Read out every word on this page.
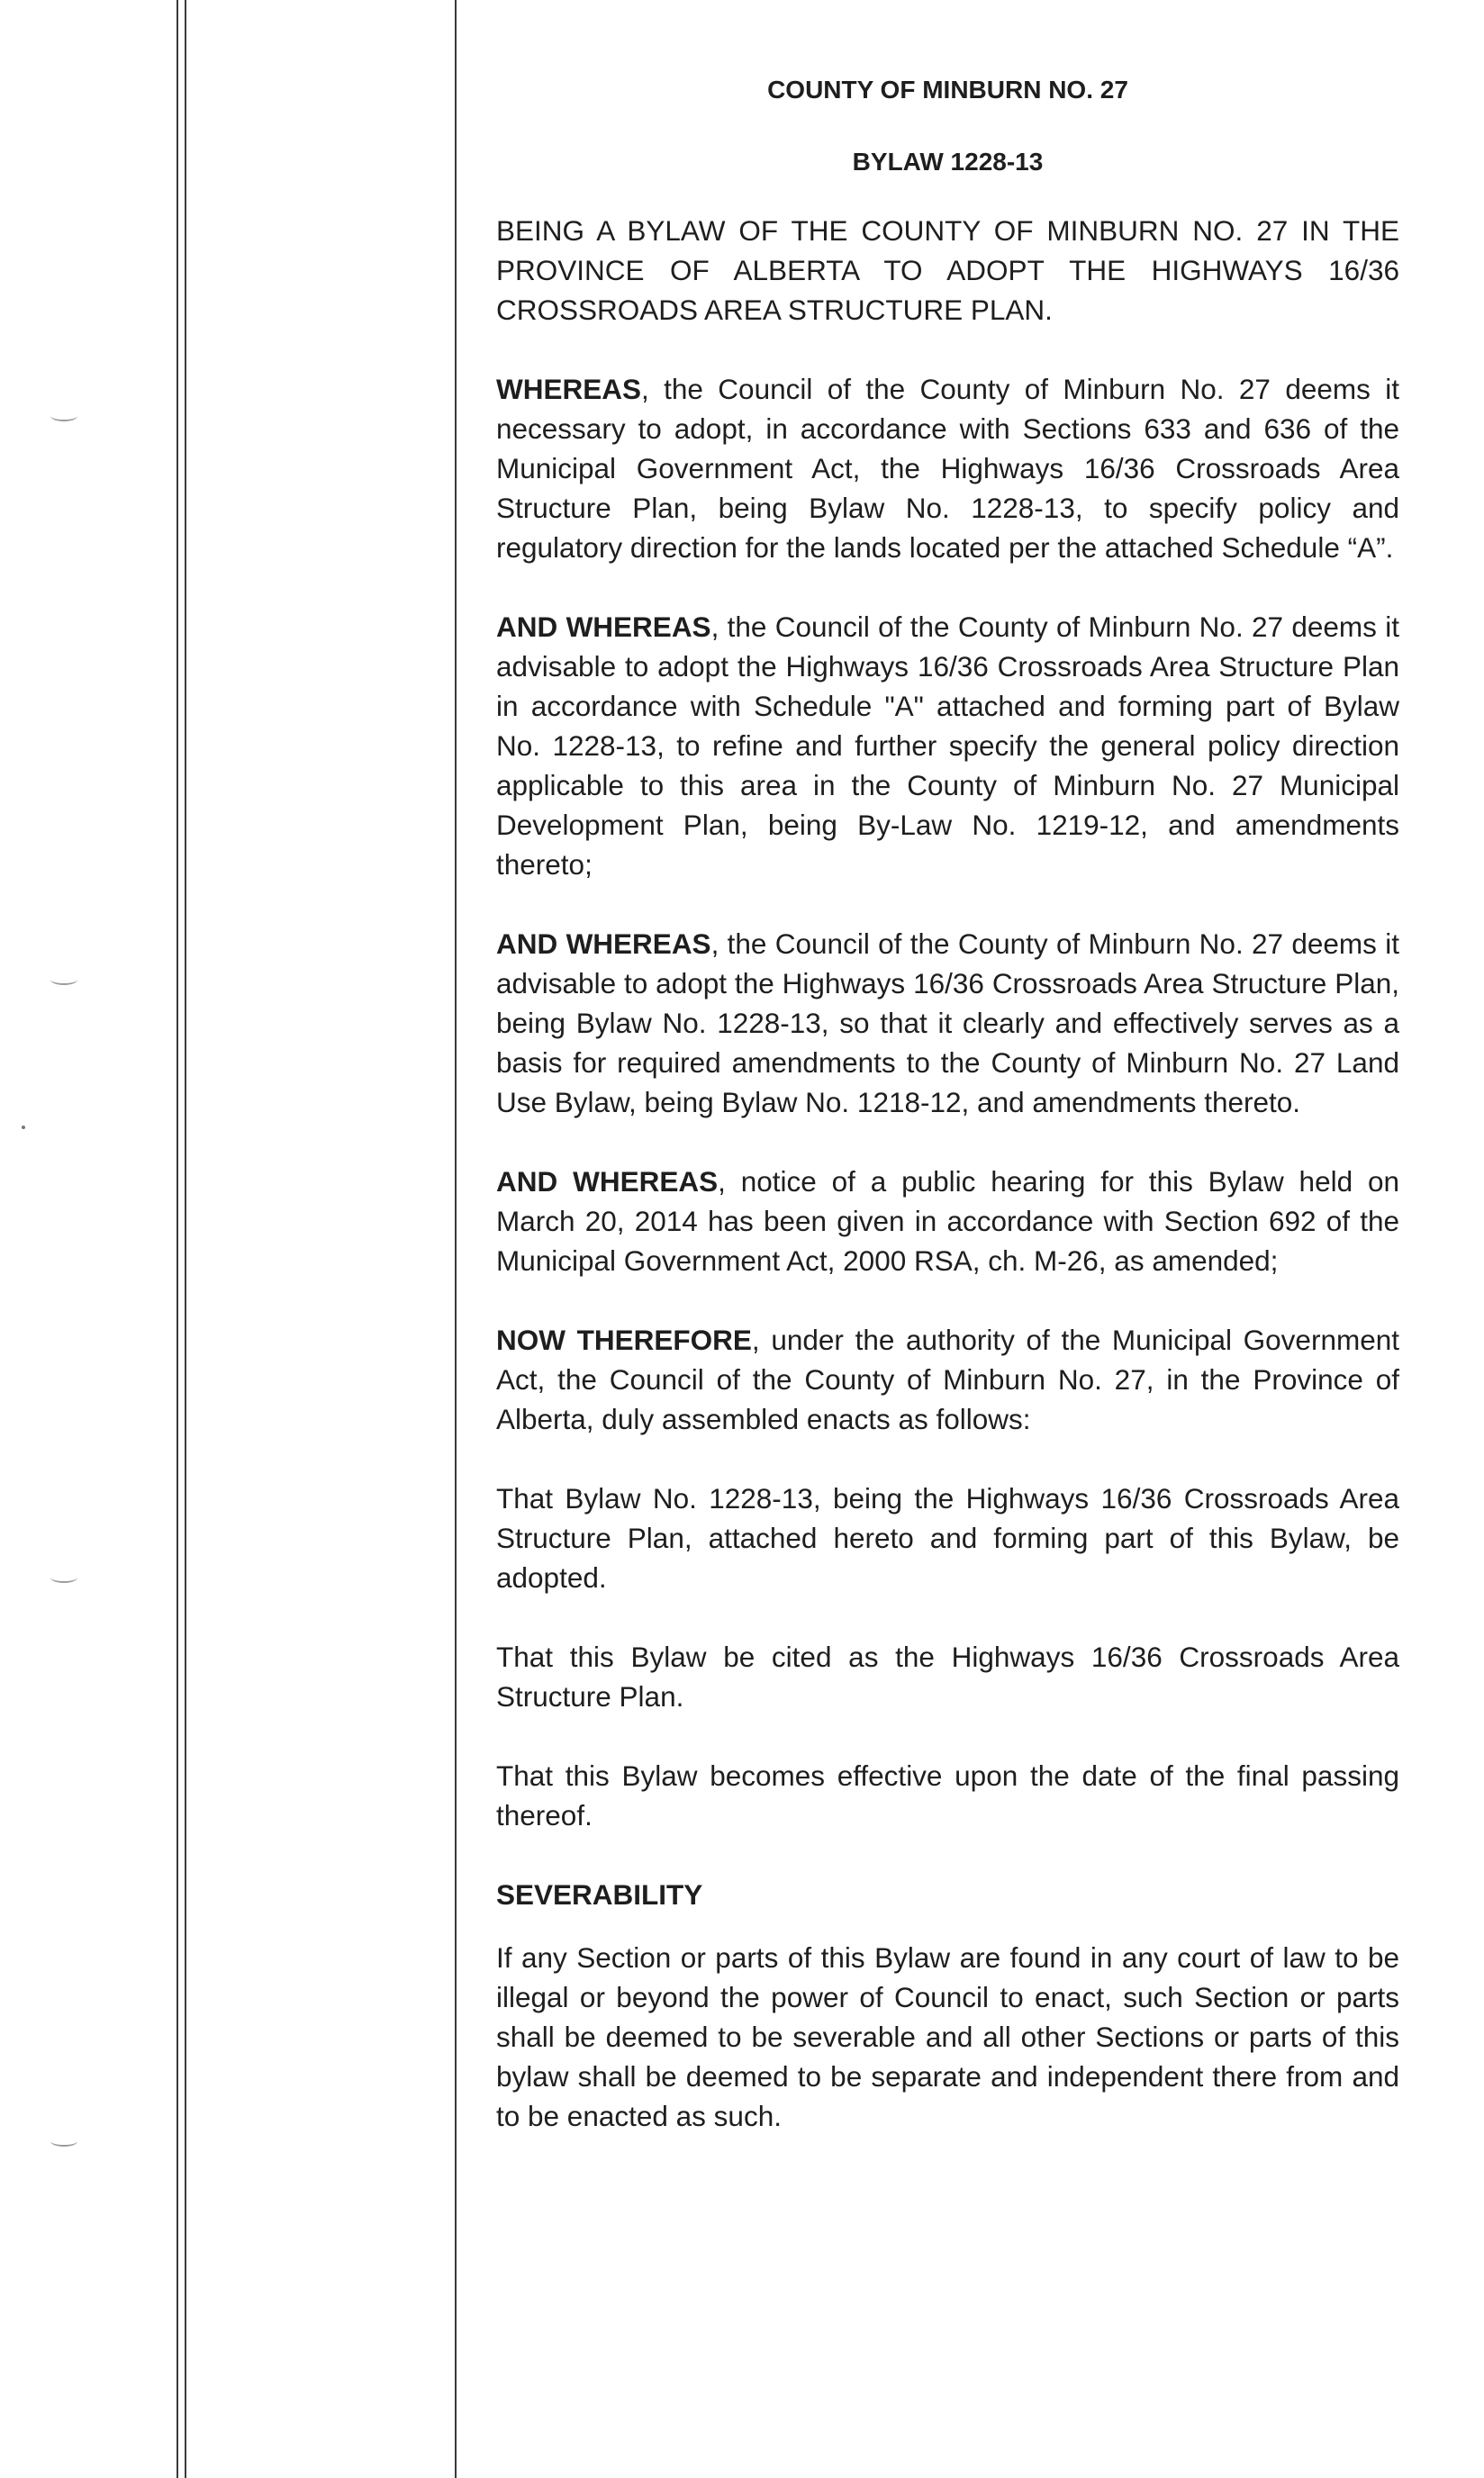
COUNTY OF MINBURN NO. 27
BYLAW 1228-13

BEING A BYLAW OF THE COUNTY OF MINBURN NO. 27 IN THE PROVINCE OF ALBERTA TO ADOPT THE HIGHWAYS 16/36 CROSSROADS AREA STRUCTURE PLAN.

WHEREAS, the Council of the County of Minburn No. 27 deems it necessary to adopt, in accordance with Sections 633 and 636 of the Municipal Government Act, the Highways 16/36 Crossroads Area Structure Plan, being Bylaw No. 1228-13, to specify policy and regulatory direction for the lands located per the attached Schedule “A”.

AND WHEREAS, the Council of the County of Minburn No. 27 deems it advisable to adopt the Highways 16/36 Crossroads Area Structure Plan in accordance with Schedule "A" attached and forming part of Bylaw No. 1228-13, to refine and further specify the general policy direction applicable to this area in the County of Minburn No. 27 Municipal Development Plan, being By-Law No. 1219-12, and amendments thereto;

AND WHEREAS, the Council of the County of Minburn No. 27 deems it advisable to adopt the Highways 16/36 Crossroads Area Structure Plan, being Bylaw No. 1228-13, so that it clearly and effectively serves as a basis for required amendments to the County of Minburn No. 27 Land Use Bylaw, being Bylaw No. 1218-12, and amendments thereto.

AND WHEREAS, notice of a public hearing for this Bylaw held on March 20, 2014 has been given in accordance with Section 692 of the Municipal Government Act, 2000 RSA, ch. M-26, as amended;

NOW THEREFORE, under the authority of the Municipal Government Act, the Council of the County of Minburn No. 27, in the Province of Alberta, duly assembled enacts as follows:

That Bylaw No. 1228-13, being the Highways 16/36 Crossroads Area Structure Plan, attached hereto and forming part of this Bylaw, be adopted.

That this Bylaw be cited as the Highways 16/36 Crossroads Area Structure Plan.

That this Bylaw becomes effective upon the date of the final passing thereof.

SEVERABILITY

If any Section or parts of this Bylaw are found in any court of law to be illegal or beyond the power of Council to enact, such Section or parts shall be deemed to be severable and all other Sections or parts of this bylaw shall be deemed to be separate and independent there from and to be enacted as such.
